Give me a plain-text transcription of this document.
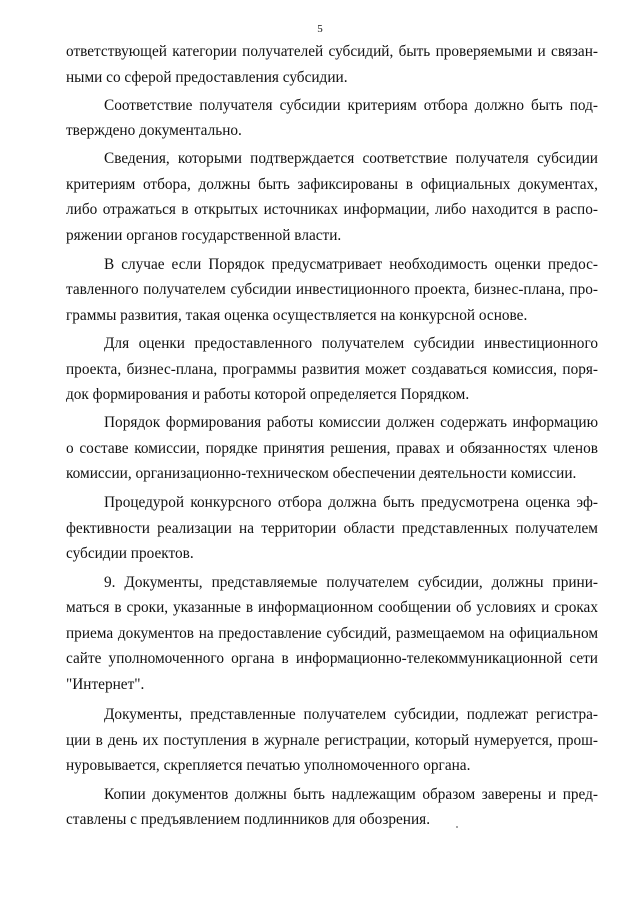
5
ответствующей категории получателей субсидий, быть проверяемыми и связан-
ными со сферой предоставления субсидии.
Соответствие получателя субсидии критериям отбора должно быть под-
тверждено документально.
Сведения, которыми подтверждается соответствие получателя субсидии
критериям отбора, должны быть зафиксированы в официальных документах,
либо отражаться в открытых источниках информации, либо находится в распо-
ряжении органов государственной власти.
В случае если Порядок предусматривает необходимость оценки предос-
тавленного получателем субсидии инвестиционного проекта, бизнес-плана, про-
граммы развития, такая оценка осуществляется на конкурсной основе.
Для оценки предоставленного получателем субсидии инвестиционного
проекта, бизнес-плана, программы развития может создаваться комиссия, поря-
док формирования и работы которой определяется Порядком.
Порядок формирования работы комиссии должен содержать информацию
о составе комиссии, порядке принятия решения, правах и обязанностях членов
комиссии, организационно-техническом обеспечении деятельности комиссии.
Процедурой конкурсного отбора должна быть предусмотрена оценка эф-
фективности реализации на территории области представленных получателем
субсидии проектов.
9. Документы, представляемые получателем субсидии, должны прини-
маться в сроки, указанные в информационном сообщении об условиях и сроках
приема документов на предоставление субсидий, размещаемом на официальном
сайте уполномоченного органа в информационно-телекоммуникационной сети
"Интернет".
Документы, представленные получателем субсидии, подлежат регистра-
ции в день их поступления в журнале регистрации, который нумеруется, прош-
нуровывается, скрепляется печатью уполномоченного органа.
Копии документов должны быть надлежащим образом заверены и пред-
ставлены с предъявлением подлинников для обозрения.
